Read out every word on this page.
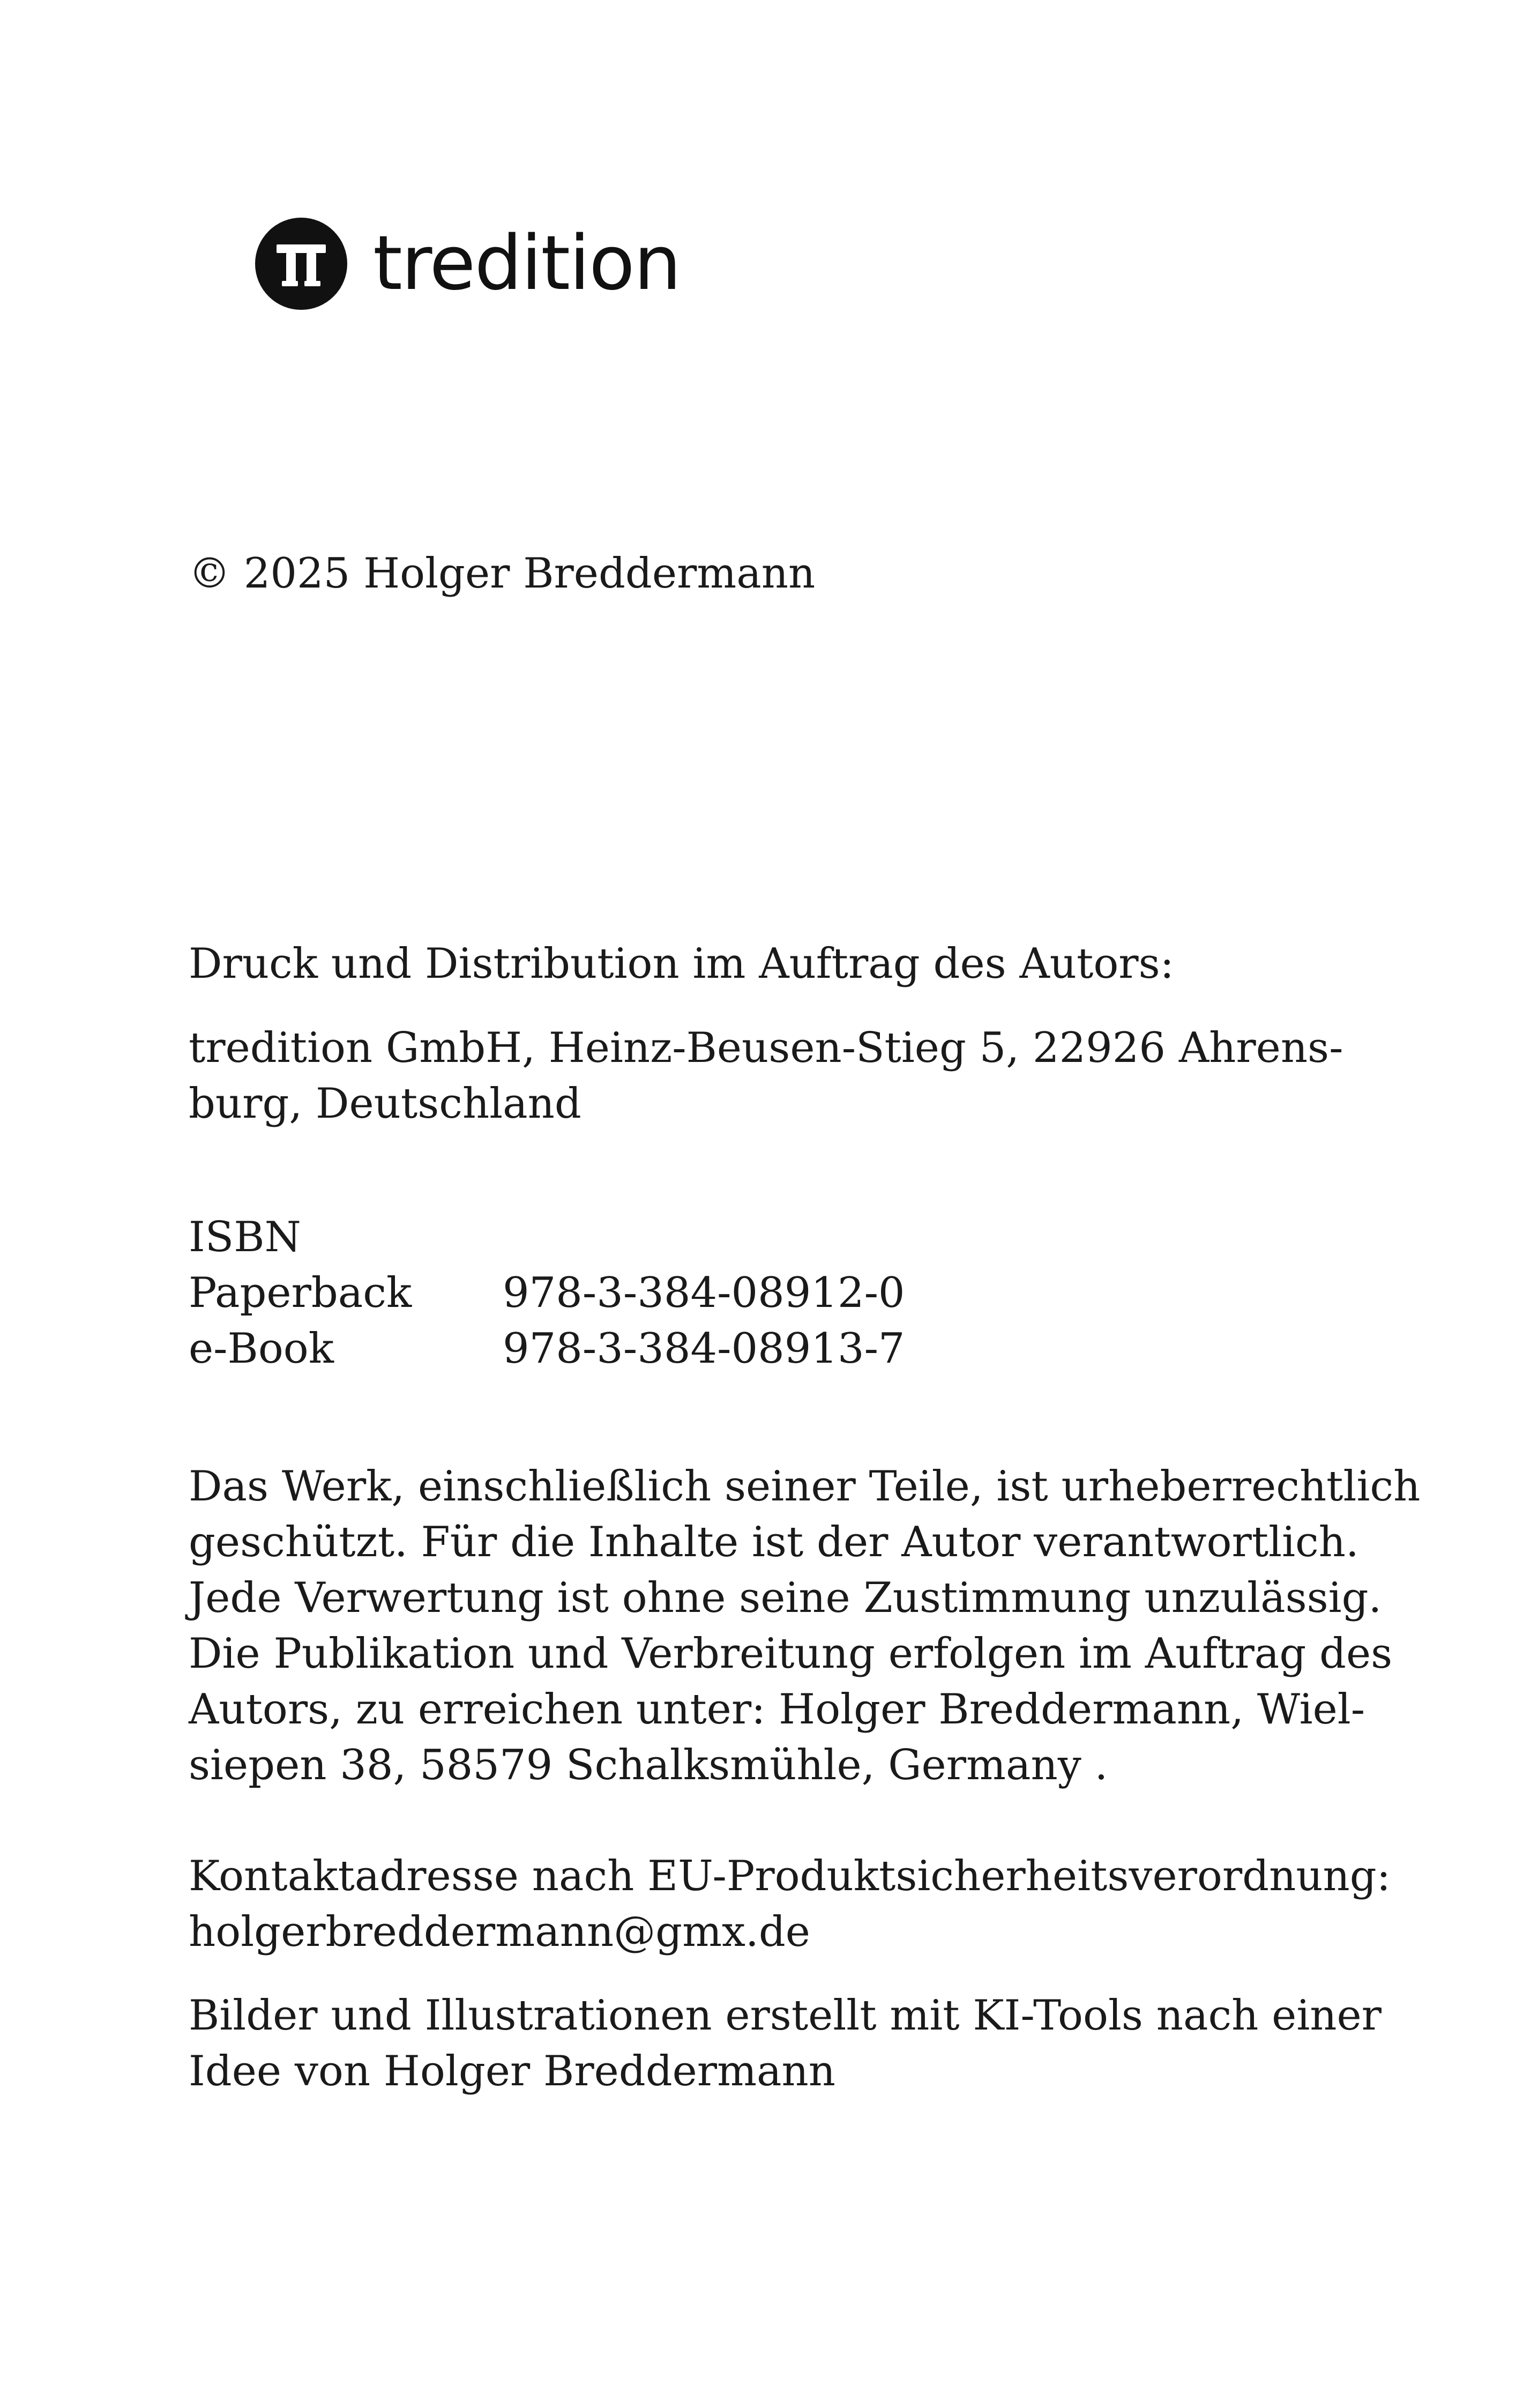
tredition
© 2025 Holger Breddermann
Druck und Distribution im Auftrag des Autors:
tredition GmbH, Heinz-Beusen-Stieg 5, 22926 Ahrens-
burg, Deutschland
ISBN
Paperback	978-3-384-08912-0
e-Book	978-3-384-08913-7
Das Werk, einschließlich seiner Teile, ist urheberrechtlich
geschützt. Für die Inhalte ist der Autor verantwortlich.
Jede Verwertung ist ohne seine Zustimmung unzulässig.
Die Publikation und Verbreitung erfolgen im Auftrag des
Autors, zu erreichen unter: Holger Breddermann, Wiel-
siepen 38, 58579 Schalksmühle, Germany .
Kontaktadresse nach EU-Produktsicherheitsverordnung:
holgerbreddermann@gmx.de
Bilder und Illustrationen erstellt mit KI-Tools nach einer
Idee von Holger Breddermann
